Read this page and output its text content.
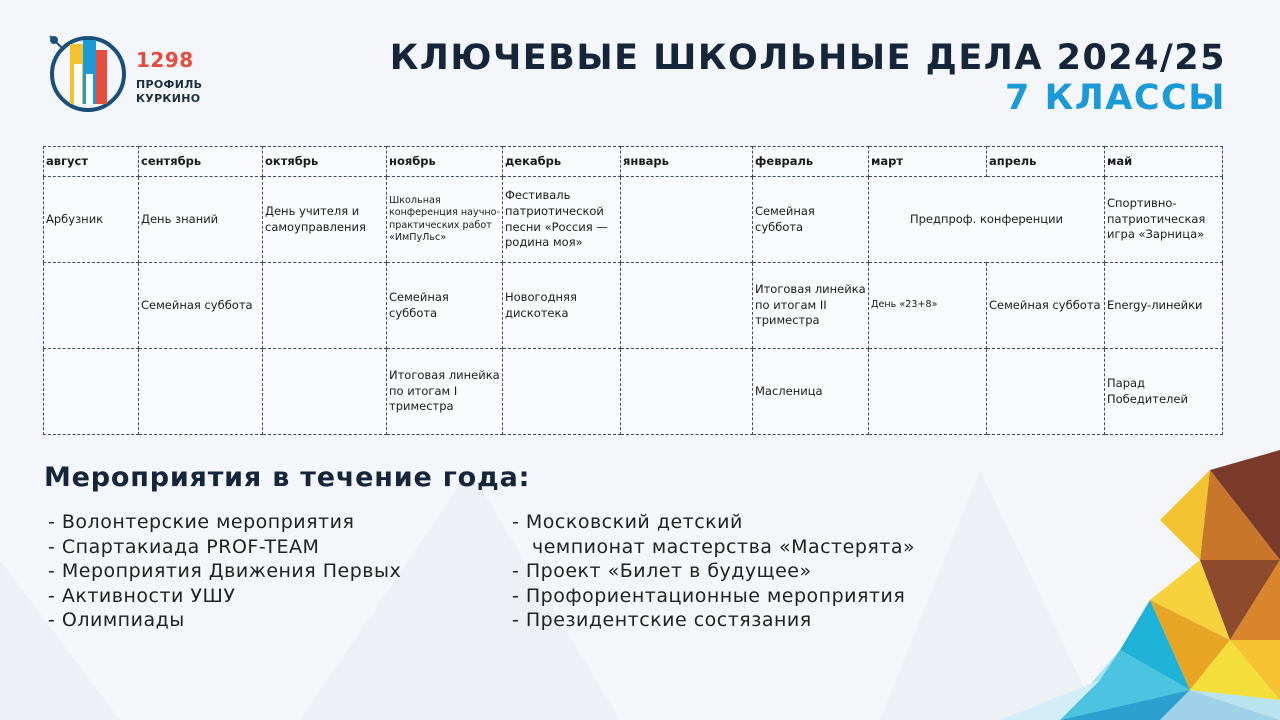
1298
ПРОФИЛЬ
КУРКИНО
КЛЮЧЕВЫЕ ШКОЛЬНЫЕ ДЕЛА 2024/25
7 КЛАССЫ
август	сентябрь	октябрь	ноябрь	декабрь	январь	февраль	март	апрель	май
Арбузник	День знаний	День учителя и самоуправления	Школьная конференция научно-практических работ «ИмПуЛьс»	Фестиваль патриотической песни «Россия — родина моя»		Семейная суббота	Предпроф. конференции		Спортивно-патриотическая игра «Зарница»
	Семейная суббота		Семейная суббота	Новогодняя дискотека		Итоговая линейка по итогам II триместра	День «23+8»	Семейная суббота	Energy-линейки
			Итоговая линейка по итогам I триместра			Масленица			Парад Победителей
Мероприятия в течение года:
- Волонтерские мероприятия
- Спартакиада PROF-TEAM
- Мероприятия Движения Первых
- Активности УШУ
- Олимпиады
- Московский детский
чемпионат мастерства «Мастерята»
- Проект «Билет в будущее»
- Профориентационные мероприятия
- Президентские состязания
